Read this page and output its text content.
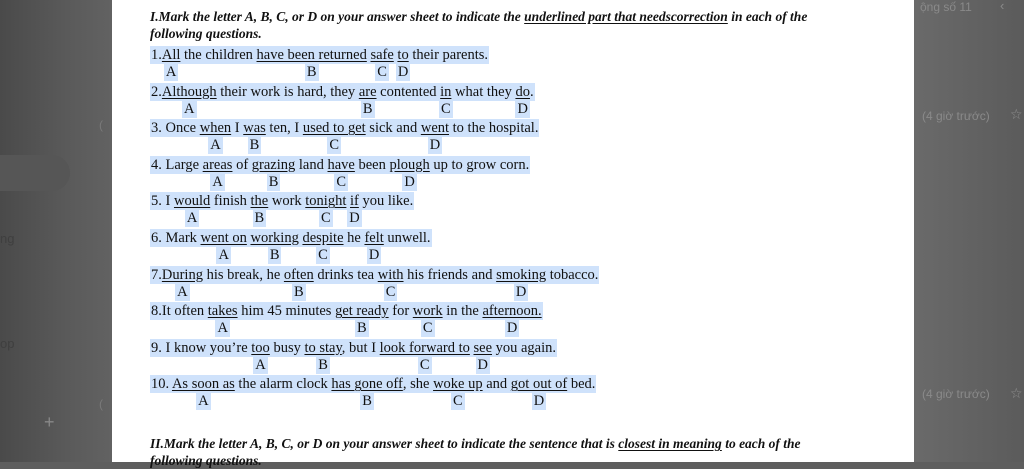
ng
op
+
(
(
ộng số 11
(4 giờ trước)
(4 giờ trước)
☆
☆
‹
I.Mark the letter A, B, C, or D on your answer sheet to indicate the underlined part that needscorrection in each of the
following questions.
1.All the children have been returned safe to their parents.
A	B	C D
2.Although their work is hard, they are contented in what they do.
A	B	C	D
3. Once when I was ten, I used to get sick and went to the hospital.
A B	C	D
4. Large areas of grazing land have been plough up to grow corn.
A	B	C	D
5. I would finish the work tonight if you like.
A	B	C D
6. Mark went on working despite he felt unwell.
A	B	C	D
7.During his break, he often drinks tea with his friends and smoking tobacco.
A	B	C	D
8.It often takes him 45 minutes get ready for work in the afternoon.
A	B	C	D
9. I know you’re too busy to stay, but I look forward to see you again.
A	B	C	D
10. As soon as the alarm clock has gone off, she woke up and got out of bed.
A	B	C	D
II.Mark the letter A, B, C, or D on your answer sheet to indicate the sentence that is closest in meaning to each of the
following questions.
